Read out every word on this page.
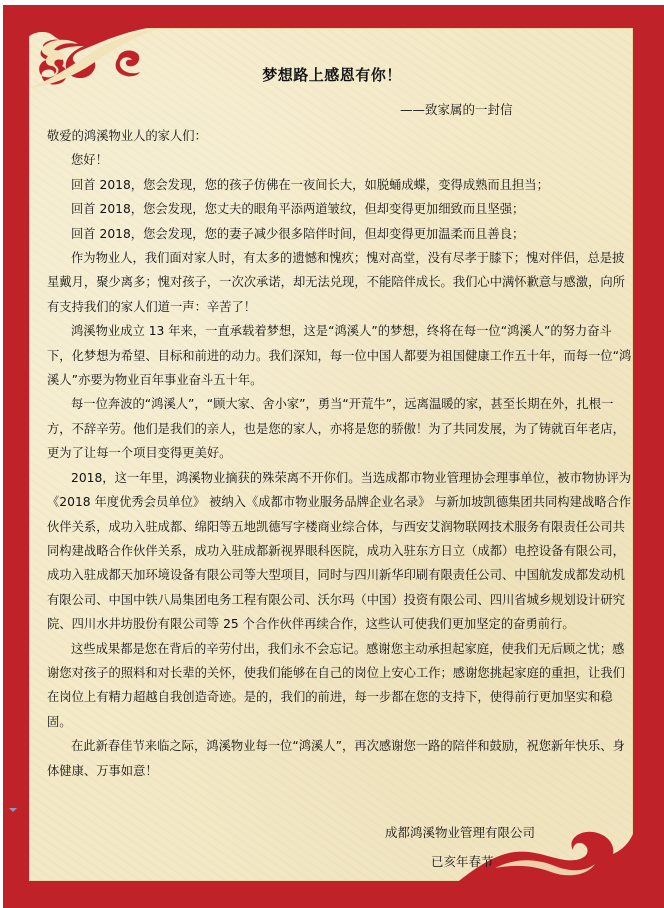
梦想路上感恩有你！
——致家属的一封信

敬爱的鸿溪物业人的家人们：

您好！

回首 2018，您会发现，您的孩子仿佛在一夜间长大，如脱蛹成蝶，变得成熟而且担当；

回首 2018，您会发现，您丈夫的眼角平添两道皱纹，但却变得更加细致而且坚强；

回首 2018，您会发现，您的妻子减少很多陪伴时间，但却变得更加温柔而且善良；

作为物业人，我们面对家人时，有太多的遗憾和愧疚；愧对高堂，没有尽孝于膝下；愧对伴侣，总是披星戴月，聚少离多；愧对孩子，一次次承诺，却无法兑现，不能陪伴成长。我们心中满怀歉意与感激，向所有支持我们的家人们道一声：辛苦了！

鸿溪物业成立 13 年来，一直承载着梦想，这是“鸿溪人”的梦想，终将在每一位“鸿溪人”的努力奋斗下，化梦想为希望、目标和前进的动力。我们深知，每一位中国人都要为祖国健康工作五十年，而每一位“鸿溪人”亦要为物业百年事业奋斗五十年。

每一位奔波的“鸿溪人”，“顾大家、舍小家”，勇当“开荒牛”，远离温暖的家，甚至长期在外，扎根一方，不辞辛劳。他们是我们的亲人，也是您的家人，亦将是您的骄傲！为了共同发展，为了铸就百年老店，更为了让每一个项目变得更美好。

2018，这一年里，鸿溪物业摘获的殊荣离不开你们。当选成都市物业管理协会理事单位，被市物协评为《2018 年度优秀会员单位》 被纳入《成都市物业服务品牌企业名录》 与新加坡凯德集团共同构建战略合作伙伴关系，成功入驻成都、绵阳等五地凯德写字楼商业综合体，与西安艾润物联网技术服务有限责任公司共同构建战略合作伙伴关系，成功入驻成都新视界眼科医院，成功入驻东方日立（成都）电控设备有限公司，成功入驻成都天加环境设备有限公司等大型项目，同时与四川新华印刷有限责任公司、中国航发成都发动机有限公司、中国中铁八局集团电务工程有限公司、沃尔玛（中国）投资有限公司、四川省城乡规划设计研究院、四川水井坊股份有限公司等 25 个合作伙伴再续合作，这些认可使我们更加坚定的奋勇前行。

这些成果都是您在背后的辛劳付出，我们永不会忘记。感谢您主动承担起家庭，使我们无后顾之忧；感谢您对孩子的照料和对长辈的关怀，使我们能够在自己的岗位上安心工作；感谢您挑起家庭的重担，让我们在岗位上有精力超越自我创造奇迹。是的，我们的前进，每一步都在您的支持下，使得前行更加坚实和稳固。

在此新春佳节来临之际，鸿溪物业每一位“鸿溪人”，再次感谢您一路的陪伴和鼓励，祝您新年快乐、身体健康、万事如意！

成都鸿溪物业管理有限公司
已亥年春节
